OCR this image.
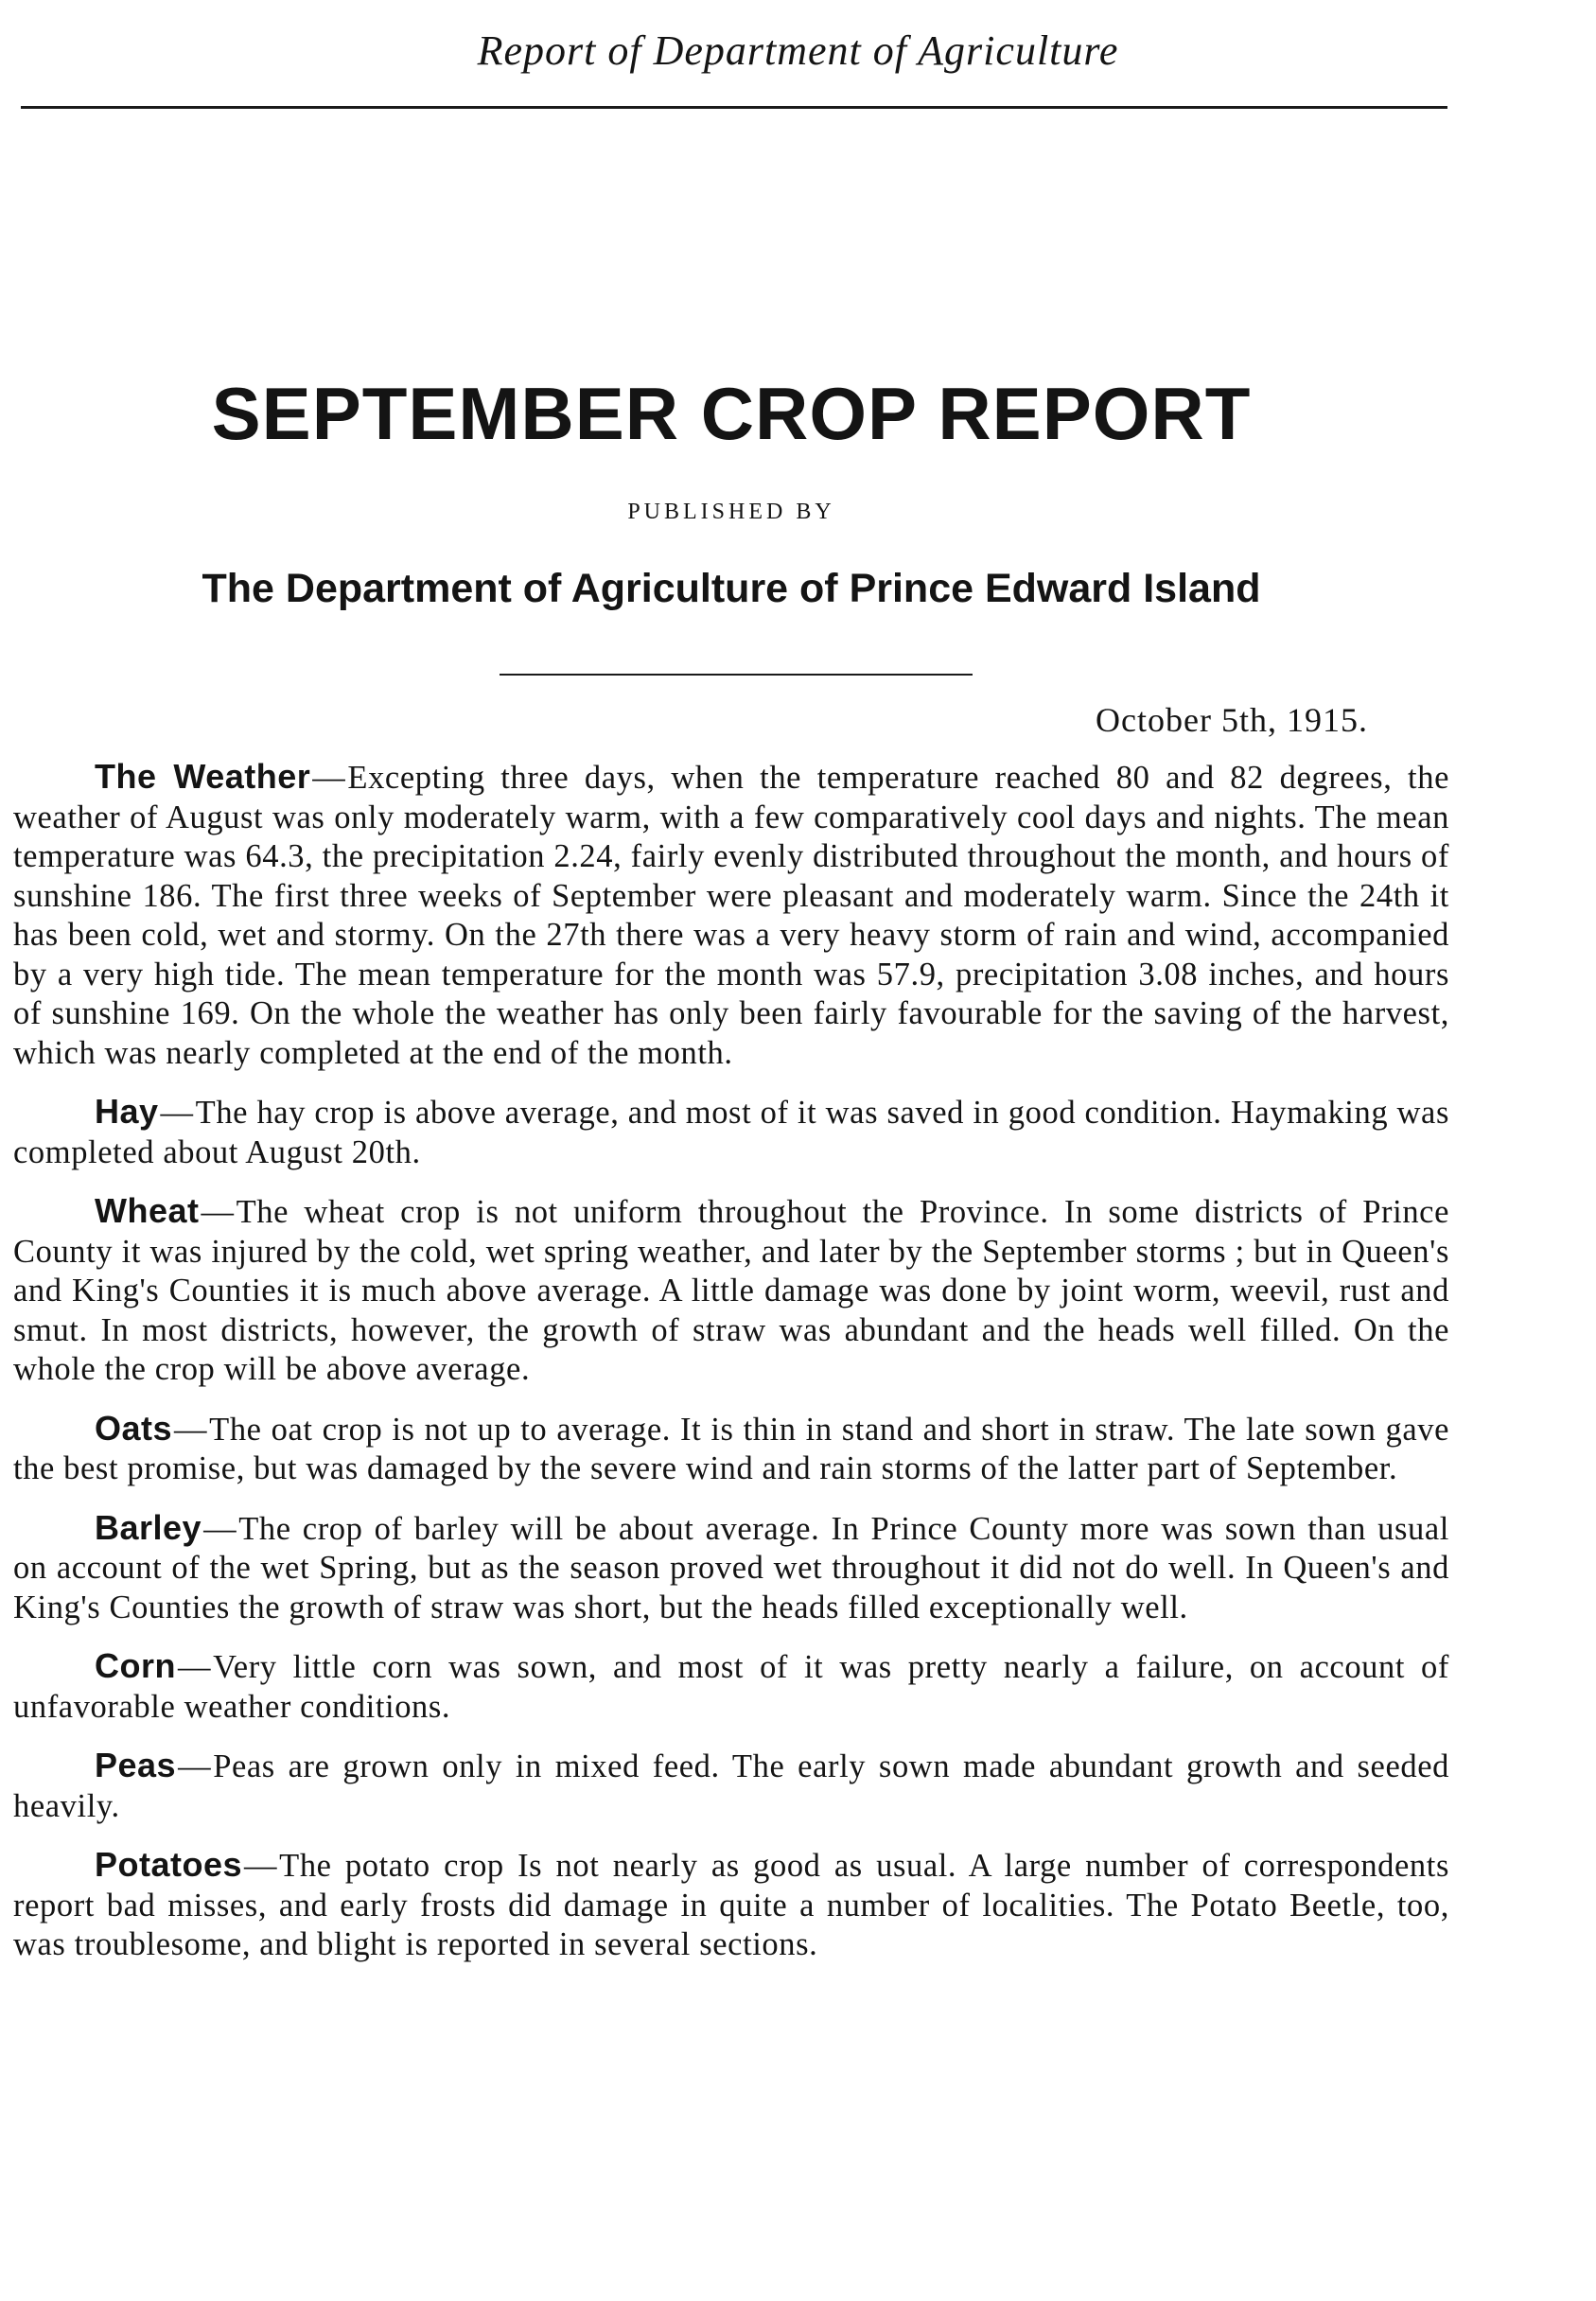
Report of Department of Agriculture
SEPTEMBER CROP REPORT
PUBLISHED BY
The Department of Agriculture of Prince Edward Island
October 5th, 1915.

The Weather—Excepting three days, when the temperature reached 80 and 82 degrees, the weather of August was only moderately warm, with a few comparatively cool days and nights. The mean temperature was 64.3, the precipitation 2.24, fairly evenly distributed throughout the month, and hours of sunshine 186. The first three weeks of September were pleasant and moderately warm. Since the 24th it has been cold, wet and stormy. On the 27th there was a very heavy storm of rain and wind, accompanied by a very high tide. The mean temperature for the month was 57.9, precipitation 3.08 inches, and hours of sunshine 169. On the whole the weather has only been fairly favourable for the saving of the harvest, which was nearly completed at the end of the month.

Hay—The hay crop is above average, and most of it was saved in good condition. Haymaking was completed about August 20th.

Wheat—The wheat crop is not uniform throughout the Province. In some districts of Prince County it was injured by the cold, wet spring weather, and later by the September storms ; but in Queen's and King's Counties it is much above average. A little damage was done by joint worm, weevil, rust and smut. In most districts, however, the growth of straw was abundant and the heads well filled. On the whole the crop will be above average.

Oats—The oat crop is not up to average. It is thin in stand and short in straw. The late sown gave the best promise, but was damaged by the severe wind and rain storms of the latter part of September.

Barley—The crop of barley will be about average. In Prince County more was sown than usual on account of the wet Spring, but as the season proved wet throughout it did not do well. In Queen's and King's Counties the growth of straw was short, but the heads filled exceptionally well.

Corn—Very little corn was sown, and most of it was pretty nearly a failure, on account of unfavorable weather conditions.

Peas—Peas are grown only in mixed feed. The early sown made abundant growth and seeded heavily.

Potatoes—The potato crop Is not nearly as good as usual. A large number of correspondents report bad misses, and early frosts did damage in quite a number of localities. The Potato Beetle, too, was troublesome, and blight is reported in several sections.
